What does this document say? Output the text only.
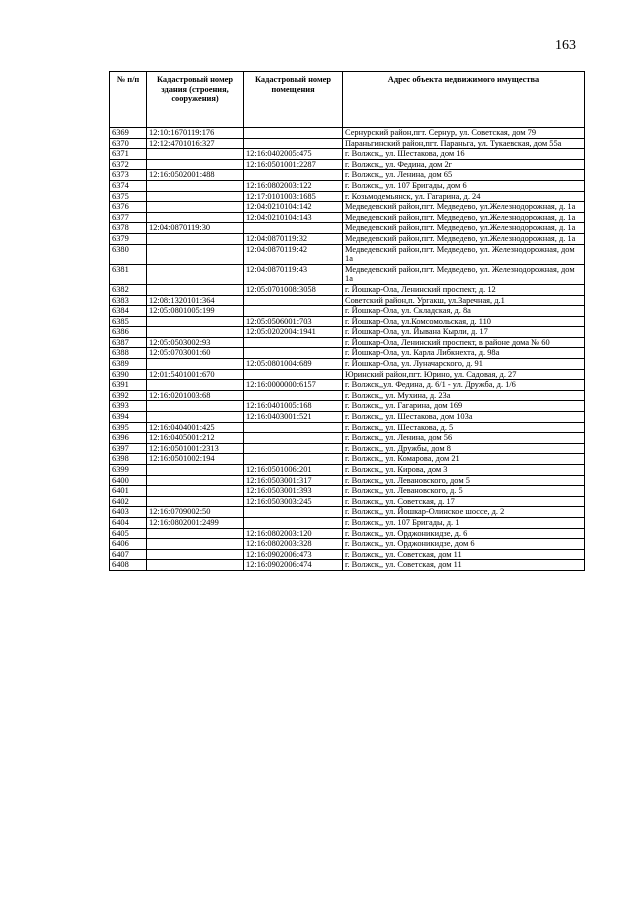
163
№ п/п	Кадастровый номер здания (строения, сооружения)	Кадастровый номер помещения	Адрес объекта недвижимого имущества
6369	12:10:1670119:176		Сернурский район,пгт. Сернур, ул. Советская, дом 79
6370	12:12:4701016:327		Параньгинский район,пгт. Параньга, ул. Тукаевская, дом 55а
6371		12:16:0402005:475	г. Волжск,, ул. Шестакова, дом 16
6372		12:16:0501001:2287	г. Волжск,, ул. Федина, дом 2г
6373	12:16:0502001:488		г. Волжск,, ул. Ленина, дом 65
6374		12:16:0802003:122	г. Волжск,, ул. 107 Бригады, дом 6
6375		12:17:0101003:1685	г. Козьмодемьянск, ул. Гагарина, д. 24
6376		12:04:0210104:142	Медведевский район,пгт. Медведево, ул.Железнодорожная, д. 1а
6377		12:04:0210104:143	Медведевский район,пгт. Медведево, ул.Железнодорожная, д. 1а
6378	12:04:0870119:30		Медведевский район,пгт. Медведево, ул.Железнодорожная, д. 1а
6379		12:04:0870119:32	Медведевский район,пгт. Медведево, ул.Железнодорожная, д. 1а
6380		12:04:0870119:42	Медведевский район,пгт. Медведево, ул. Железнодорожная, дом 1а
6381		12:04:0870119:43	Медведевский район,пгт. Медведево, ул. Железнодорожная, дом 1а
6382		12:05:0701008:3058	г. Йошкар-Ола, Ленинский проспект, д. 12
6383	12:08:1320101:364		Советский район,п. Ургакш, ул.Заречная, д.1
6384	12:05:0801005:199		г. Йошкар-Ола, ул. Складская, д. 8а
6385		12:05:0506001:703	г. Йошкар-Ола, ул.Комсомольская, д. 110
6386		12:05:0202004:1941	г. Йошкар-Ола, ул. Йывана Кырли, д. 17
6387	12:05:0503002:93		г. Йошкар-Ола, Ленинский проспект, в районе дома № 60
6388	12:05:0703001:60		г. Йошкар-Ола, ул. Карла Либкнехта, д. 98а
6389		12:05:0801004:689	г. Йошкар-Ола, ул. Луначарского, д. 91
6390	12:01:5401001:670		Юринский район,пгт. Юрино, ул. Садовая, д. 27
6391		12:16:0000000:6157	г. Волжск,,ул. Федина, д. 6/1 - ул. Дружба, д. 1/6
6392	12:16:0201003:68		г. Волжск,, ул. Мухина, д. 23а
6393		12:16:0401005:168	г. Волжск,, ул. Гагарина, дом 169
6394		12:16:0403001:521	г. Волжск,, ул. Шестакова, дом 103а
6395	12:16:0404001:425		г. Волжск,, ул. Шестакова, д. 5
6396	12:16:0405001:212		г. Волжск,, ул. Ленина, дом 56
6397	12:16:0501001:2313		г. Волжск,, ул. Дружбы, дом 8
6398	12:16:0501002:194		г. Волжск,, ул. Комарова, дом 21
6399		12:16:0501006:201	г. Волжск,, ул. Кирова, дом 3
6400		12:16:0503001:317	г. Волжск,, ул. Левановского, дом 5
6401		12:16:0503001:393	г. Волжск,, ул. Левановского, д. 5
6402		12:16:0503003:245	г. Волжск,, ул. Советская, д. 17
6403	12:16:0709002:50		г. Волжск,, ул. Йошкар-Олинское шоссе, д. 2
6404	12:16:0802001:2499		г. Волжск,, ул. 107 Бригады, д. 1
6405		12:16:0802003:120	г. Волжск,, ул. Орджоникидзе, д. 6
6406		12:16:0802003:328	г. Волжск,, ул. Орджоникидзе, дом 6
6407		12:16:0902006:473	г. Волжск,, ул. Советская, дом 11
6408		12:16:0902006:474	г. Волжск,, ул. Советская, дом 11
